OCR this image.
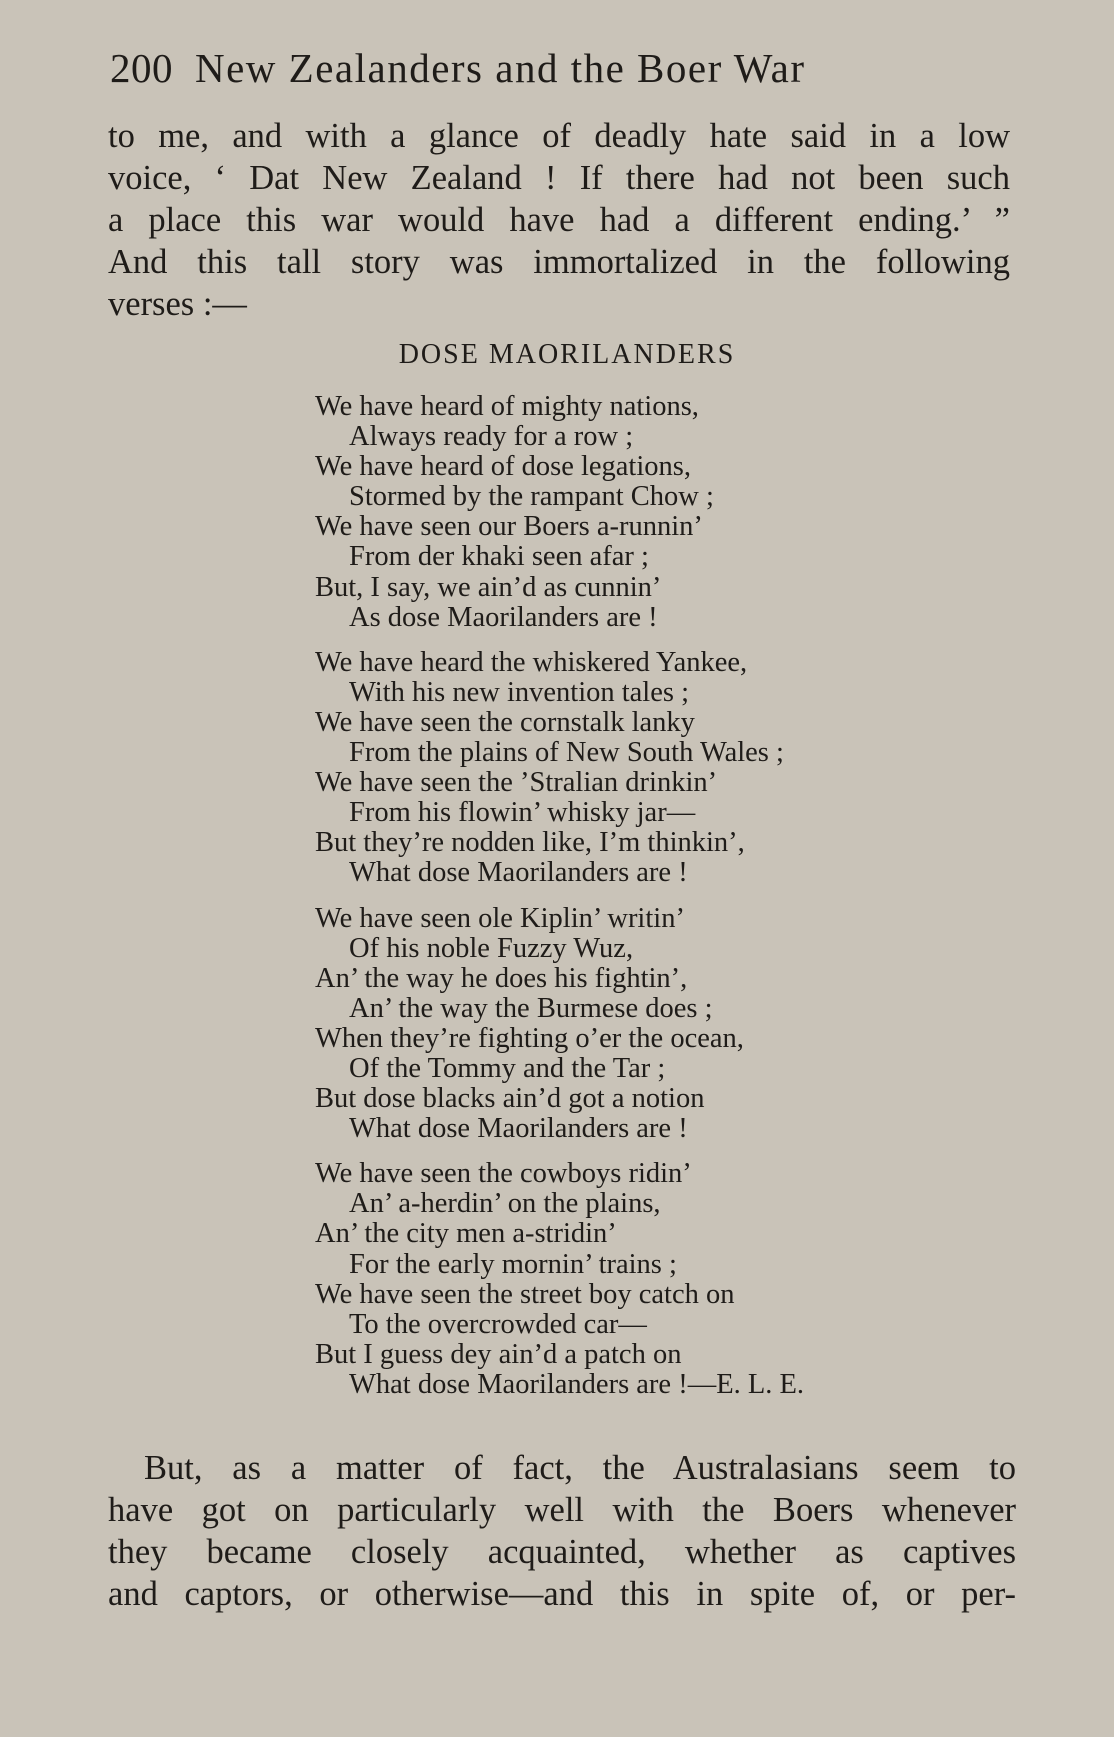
200 New Zealanders and the Boer War
to me, and with a glance of deadly hate said in a low
voice, ‘ Dat New Zealand ! If there had not been such
a place this war would have had a different ending.’ ”
And this tall story was immortalized in the following
verses :—
DOSE MAORILANDERS
We have heard of mighty nations,
Always ready for a row ;
We have heard of dose legations,
Stormed by the rampant Chow ;
We have seen our Boers a-runnin’
From der khaki seen afar ;
But, I say, we ain’d as cunnin’
As dose Maorilanders are !
We have heard the whiskered Yankee,
With his new invention tales ;
We have seen the cornstalk lanky
From the plains of New South Wales ;
We have seen the ’Stralian drinkin’
From his flowin’ whisky jar—
But they’re nodden like, I’m thinkin’,
What dose Maorilanders are !
We have seen ole Kiplin’ writin’
Of his noble Fuzzy Wuz,
An’ the way he does his fightin’,
An’ the way the Burmese does ;
When they’re fighting o’er the ocean,
Of the Tommy and the Tar ;
But dose blacks ain’d got a notion
What dose Maorilanders are !
We have seen the cowboys ridin’
An’ a-herdin’ on the plains,
An’ the city men a-stridin’
For the early mornin’ trains ;
We have seen the street boy catch on
To the overcrowded car—
But I guess dey ain’d a patch on
What dose Maorilanders are !—E. L. E.
But, as a matter of fact, the Australasians seem to
have got on particularly well with the Boers whenever
they became closely acquainted, whether as captives
and captors, or otherwise—and this in spite of, or per-
